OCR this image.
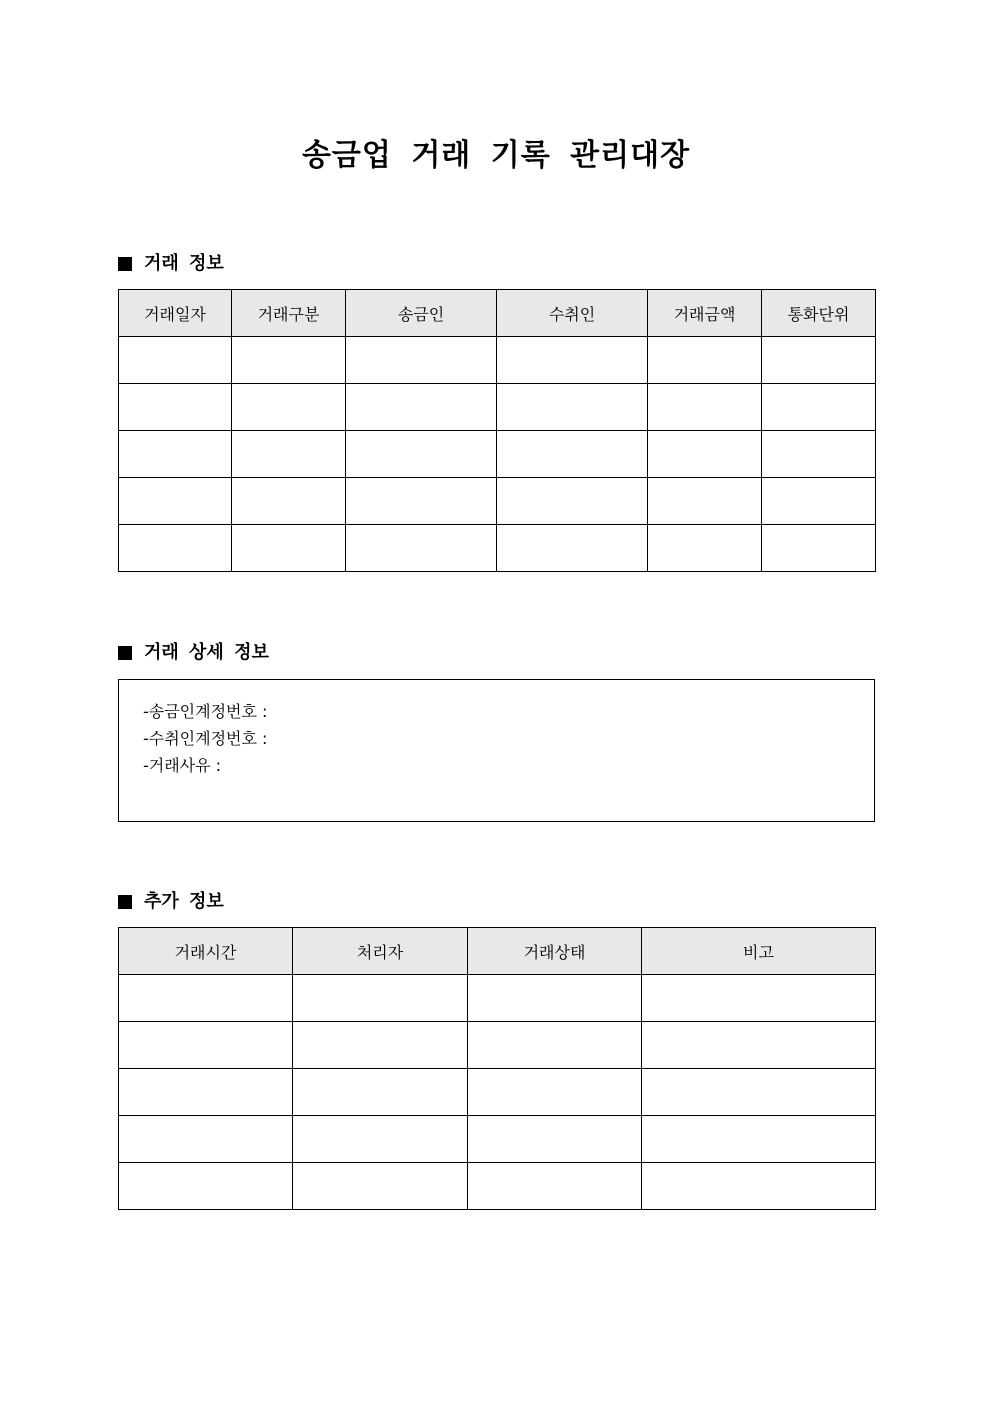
송금업 거래 기록 관리대장
거래 정보
거래일자	거래구분	송금인	수취인	거래금액	통화단위

거래 상세 정보
-송금인계정번호 :
-수취인계정번호 :
-거래사유 :
추가 정보
거래시간	처리자	거래상태	비고
